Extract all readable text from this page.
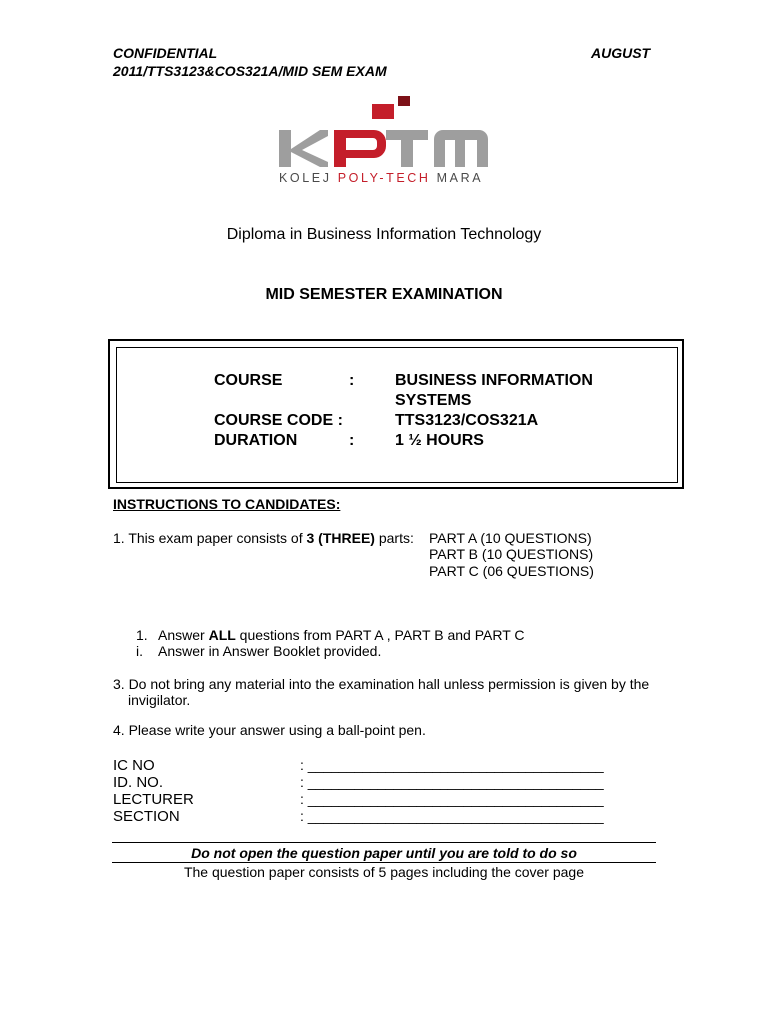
CONFIDENTIAL	AUGUST
2011/TTS3123&COS321A/MID SEM EXAM
KOLEJ POLY-TECH MARA
Diploma in Business Information Technology
MID SEMESTER EXAMINATION
COURSE	:	BUSINESS INFORMATION
SYSTEMS
COURSE CODE :	TTS3123/COS321A
DURATION	:	1 ½ HOURS
INSTRUCTIONS TO CANDIDATES:
1. This exam paper consists of 3 (THREE) parts: PART A (10 QUESTIONS)
PART B (10 QUESTIONS)
PART C (06 QUESTIONS)
1. Answer ALL questions from PART A , PART B and PART C
i. Answer in Answer Booklet provided.
3. Do not bring any material into the examination hall unless permission is given by the
invigilator.
4. Please write your answer using a ball-point pen.
IC NO	: ______________________________________
ID. NO.	: ______________________________________
LECTURER	: ______________________________________
SECTION	: ______________________________________
Do not open the question paper until you are told to do so
The question paper consists of 5 pages including the cover page
